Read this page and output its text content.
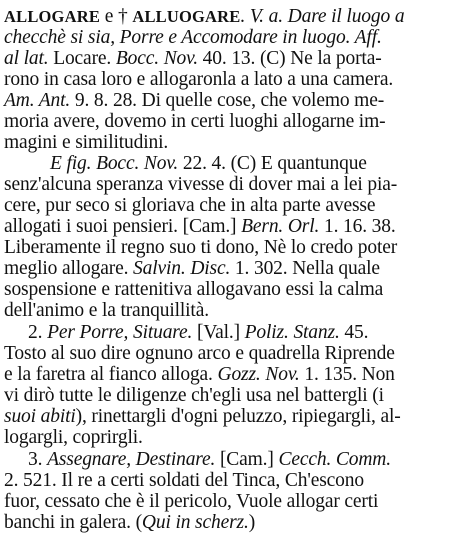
ALLOGARE e † ALLUOGARE. V. a. Dare il luogo a
checchè si sia, Porre e Accomodare in luogo. Aff.
al lat. Locare. Bocc. Nov. 40. 13. (C) Ne la porta-
rono in casa loro e allogaronla a lato a una camera.
Am. Ant. 9. 8. 28. Di quelle cose, che volemo me-
moria avere, dovemo in certi luoghi allogarne im-
magini e similitudini.
E fig. Bocc. Nov. 22. 4. (C) E quantunque
senz'alcuna speranza vivesse di dover mai a lei pia-
cere, pur seco si gloriava che in alta parte avesse
allogati i suoi pensieri. [Cam.] Bern. Orl. 1. 16. 38.
Liberamente il regno suo ti dono, Nè lo credo poter
meglio allogare. Salvin. Disc. 1. 302. Nella quale
sospensione e rattenitiva allogavano essi la calma
dell'animo e la tranquillità.
2. Per Porre, Situare. [Val.] Poliz. Stanz. 45.
Tosto al suo dire ognuno arco e quadrella Riprende
e la faretra al fianco alloga. Gozz. Nov. 1. 135. Non
vi dirò tutte le diligenze ch'egli usa nel battergli (i
suoi abiti), rinettargli d'ogni peluzzo, ripiegargli, al-
logargli, coprirgli.
3. Assegnare, Destinare. [Cam.] Cecch. Comm.
2. 521. Il re a certi soldati del Tinca, Ch'escono
fuor, cessato che è il pericolo, Vuole allogar certi
banchi in galera. (Qui in scherz.)
